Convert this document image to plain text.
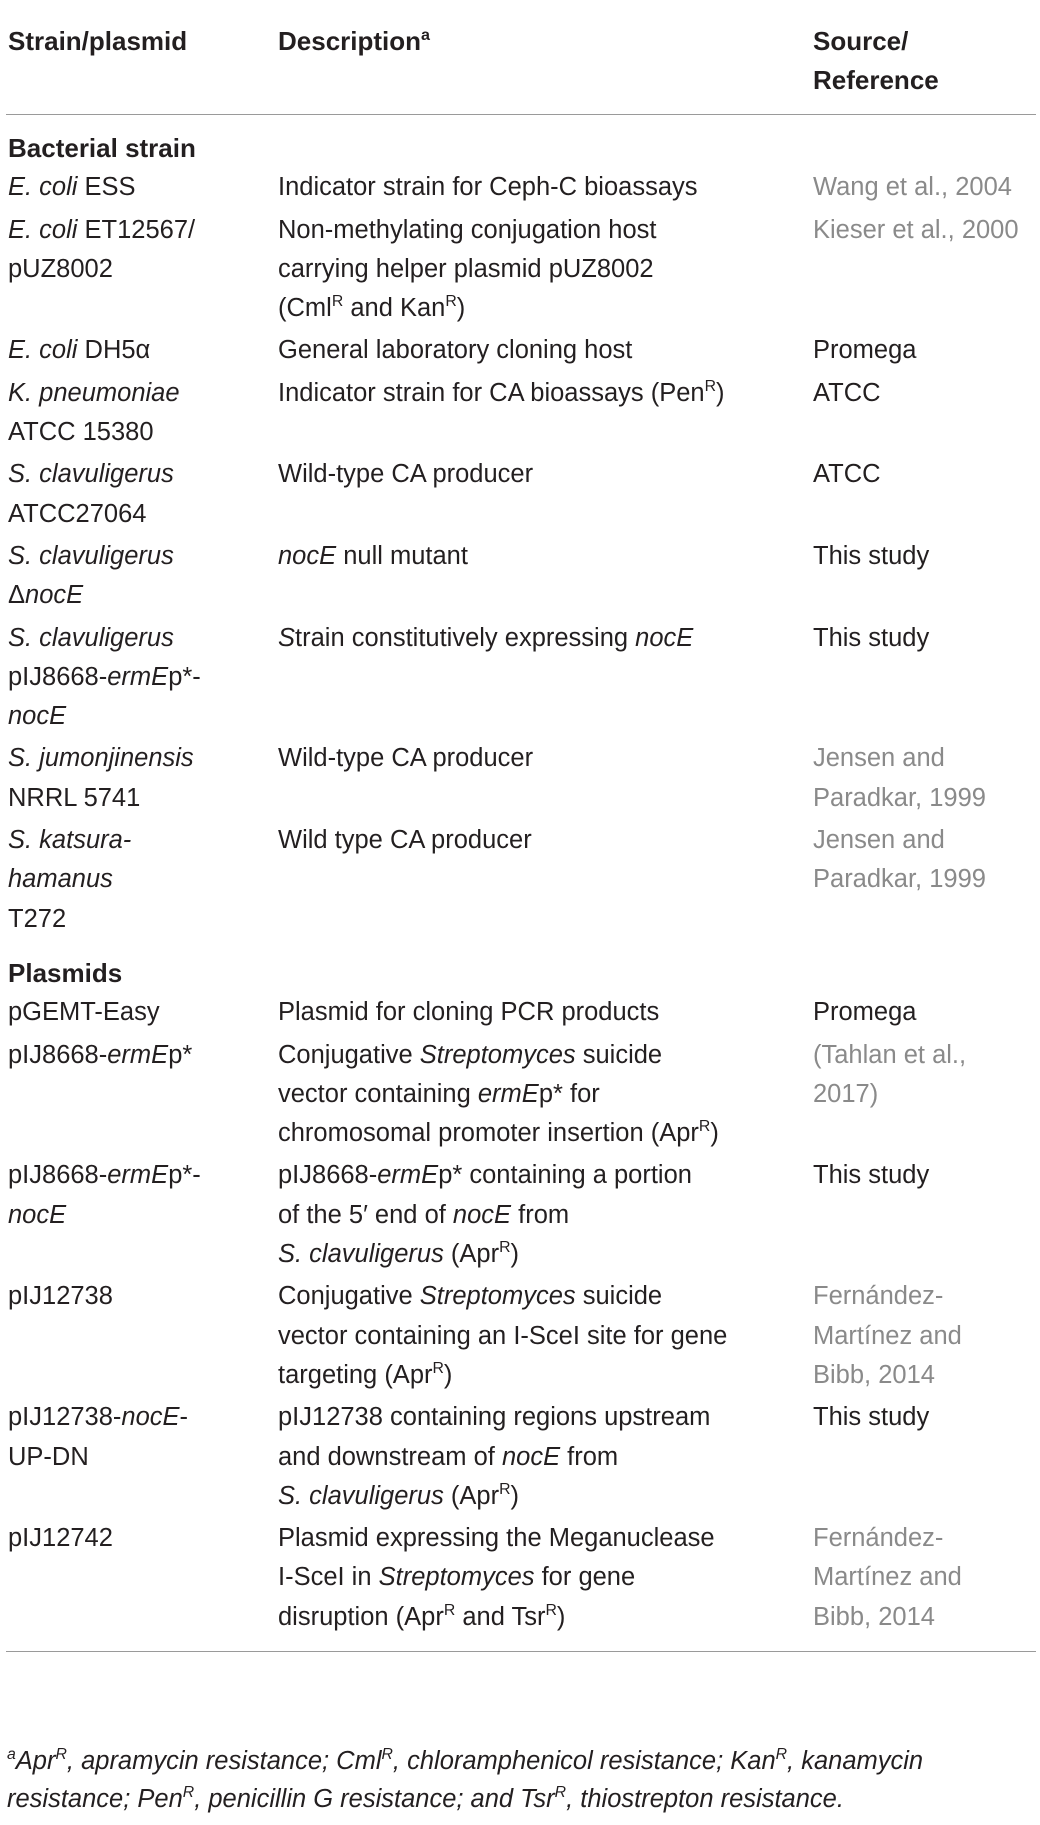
Strain/plasmid	Description$^a$	Source/
Reference
Bacterial strain		

E. coli ESS	Indicator strain for Ceph-C bioassays	Wang et al., 2004

E. coli ET12567/
pUZ8002	Non-methylating conjugation host
carrying helper plasmid pUZ8002
(Cml$^R$ and Kan$^R$)	Kieser et al., 2000

E. coli DH5α	General laboratory cloning host	Promega

K. pneumoniae
ATCC 15380	Indicator strain for CA bioassays (Pen$^R$)	ATCC

S. clavuligerus
ATCC27064	Wild-type CA producer	ATCC

S. clavuligerus
ΔnocE	nocE null mutant	This study

S. clavuligerus
pIJ8668-ermEp*-
nocE	Strain constitutively expressing nocE	This study

S. jumonjinensis
NRRL 5741	Wild-type CA producer	Jensen and
Paradkar, 1999

S. katsura-
hamanus
T272	Wild type CA producer	Jensen and
Paradkar, 1999

Plasmids		

pGEMT-Easy	Plasmid for cloning PCR products	Promega

pIJ8668-ermEp*	Conjugative Streptomyces suicide
vector containing ermEp* for
chromosomal promoter insertion (Apr$^R$)	(Tahlan et al.,
2017)

pIJ8668-ermEp*-
nocE	pIJ8668-ermEp* containing a portion
of the 5′ end of nocE from
S. clavuligerus (Apr$^R$)	This study

pIJ12738	Conjugative Streptomyces suicide
vector containing an I-SceI site for gene
targeting (Apr$^R$)	Fernández-
Martínez and
Bibb, 2014

pIJ12738-nocE-
UP-DN	pIJ12738 containing regions upstream
and downstream of nocE from
S. clavuligerus (Apr$^R$)	This study

pIJ12742	Plasmid expressing the Meganuclease
I-SceI in Streptomyces for gene
disruption (Apr$^R$ and Tsr$^R$)	Fernández-
Martínez and
Bibb, 2014
$^a$Apr$^R$, apramycin resistance; Cml$^R$, chloramphenicol resistance; Kan$^R$, kanamycin
resistance; Pen$^R$, penicillin G resistance; and Tsr$^R$, thiostrepton resistance.
